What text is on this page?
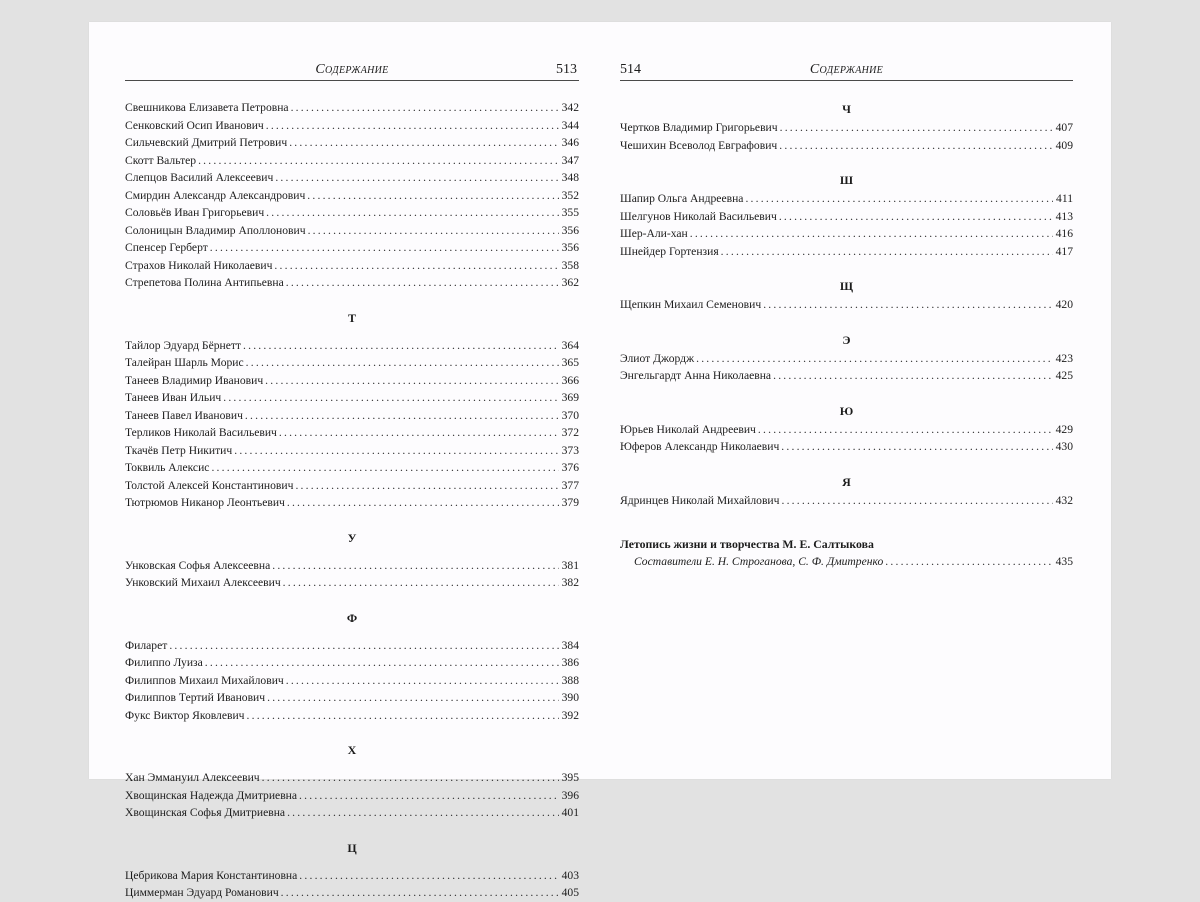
Содержание	513
Свешникова Елизавета Петровна . . .	342
Сенковский Осип Иванович . . .	344
Сильчевский Дмитрий Петрович . . .	346
Скотт Вальтер . . .	347
Слепцов Василий Алексеевич . . .	348
Смирдин Александр Александрович . . .	352
Соловьёв Иван Григорьевич . . .	355
Солоницын Владимир Аполлонович . . .	356
Спенсер Герберт . . .	356
Страхов Николай Николаевич . . .	358
Стрепетова Полина Антипьевна . . .	362
Т
Тайлор Эдуард Бёрнетт . . .	364
Талейран Шарль Морис . . .	365
Танеев Владимир Иванович . . .	366
Танеев Иван Ильич . . .	369
Танеев Павел Иванович . . .	370
Терликов Николай Васильевич . . .	372
Ткачёв Петр Никитич . . .	373
Токвиль Алексис . . .	376
Толстой Алексей Константинович . . .	377
Тютрюмов Никанор Леонтьевич . . .	379
У
Унковская Софья Алексеевна . . .	381
Унковский Михаил Алексеевич . . .	382
Ф
Филарет . . .	384
Филиппо Луиза . . .	386
Филиппов Михаил Михайлович . . .	388
Филиппов Тертий Иванович . . .	390
Фукс Виктор Яковлевич . . .	392
Х
Хан Эммануил Алексеевич . . .	395
Хвощинская Надежда Дмитриевна . . .	396
Хвощинская Софья Дмитриевна . . .	401
Ц
Цебрикова Мария Константиновна . . .	403
Циммерман Эдуард Романович . . .	405
514	Содержание
Ч
Чертков Владимир Григорьевич . . .	407
Чешихин Всеволод Евграфович . . .	409
Ш
Шапир Ольга Андреевна . . .	411
Шелгунов Николай Васильевич . . .	413
Шер-Али-хан . . .	416
Шнейдер Гортензия . . .	417
Щ
Щепкин Михаил Семенович . . .	420
Э
Элиот Джордж . . .	423
Энгельгардт Анна Николаевна . . .	425
Ю
Юрьев Николай Андреевич . . .	429
Юферов Александр Николаевич . . .	430
Я
Ядринцев Николай Михайлович . . .	432
Летопись жизни и творчества М. Е. Салтыкова
Составители Е. Н. Строганова, С. Ф. Дмитренко . . .	435
